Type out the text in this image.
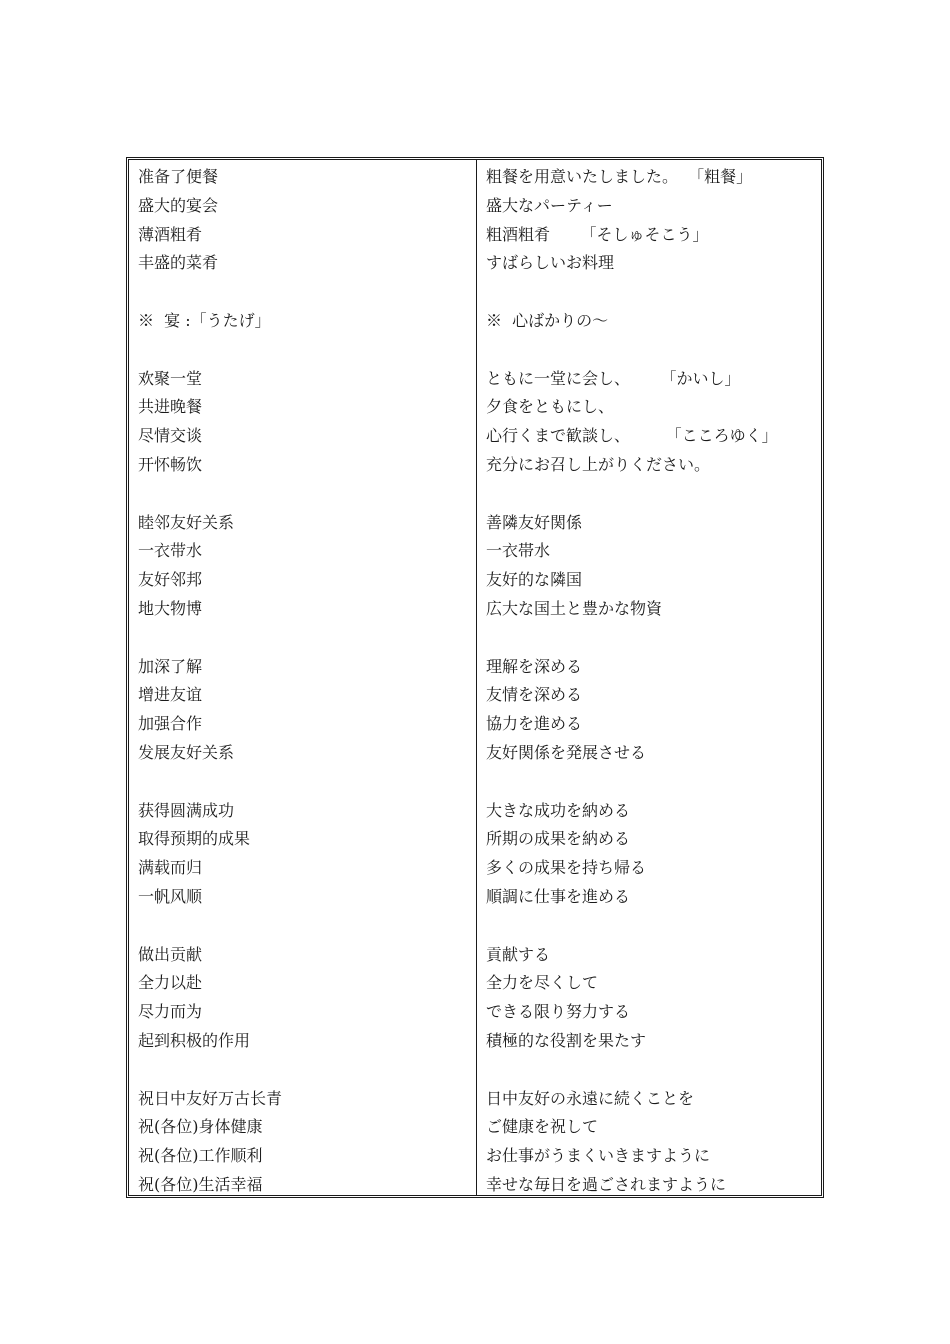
准备了便餐
盛大的宴会
薄酒粗肴
丰盛的菜肴
※  宴 :「うたげ」
欢聚一堂
共进晚餐
尽情交谈
开怀畅饮
睦邻友好关系
一衣带水
友好邻邦
地大物博
加深了解
增进友谊
加强合作
发展友好关系
获得圆满成功
取得预期的成果
满载而归
一帆风顺
做出贡献
全力以赴
尽力而为
起到积极的作用
祝日中友好万古长青
祝(各位)身体健康
祝(各位)工作顺利
祝(各位)生活幸福
粗餐を用意いたしました。  「粗餐」
盛大なパーティー
粗酒粗肴      「そしゅそこう」
すばらしいお料理
※  心ばかりの～
ともに一堂に会し、      「かいし」
夕食をともにし、
心行くまで歓談し、       「こころゆく」
充分にお召し上がりください。
善隣友好関係
一衣帯水
友好的な隣国
広大な国土と豊かな物資
理解を深める
友情を深める
協力を進める
友好関係を発展させる
大きな成功を納める
所期の成果を納める
多くの成果を持ち帰る
順調に仕事を進める
貢献する
全力を尽くして
できる限り努力する
積極的な役割を果たす
日中友好の永遠に続くことを
ご健康を祝して
お仕事がうまくいきますように
幸せな毎日を過ごされますように
